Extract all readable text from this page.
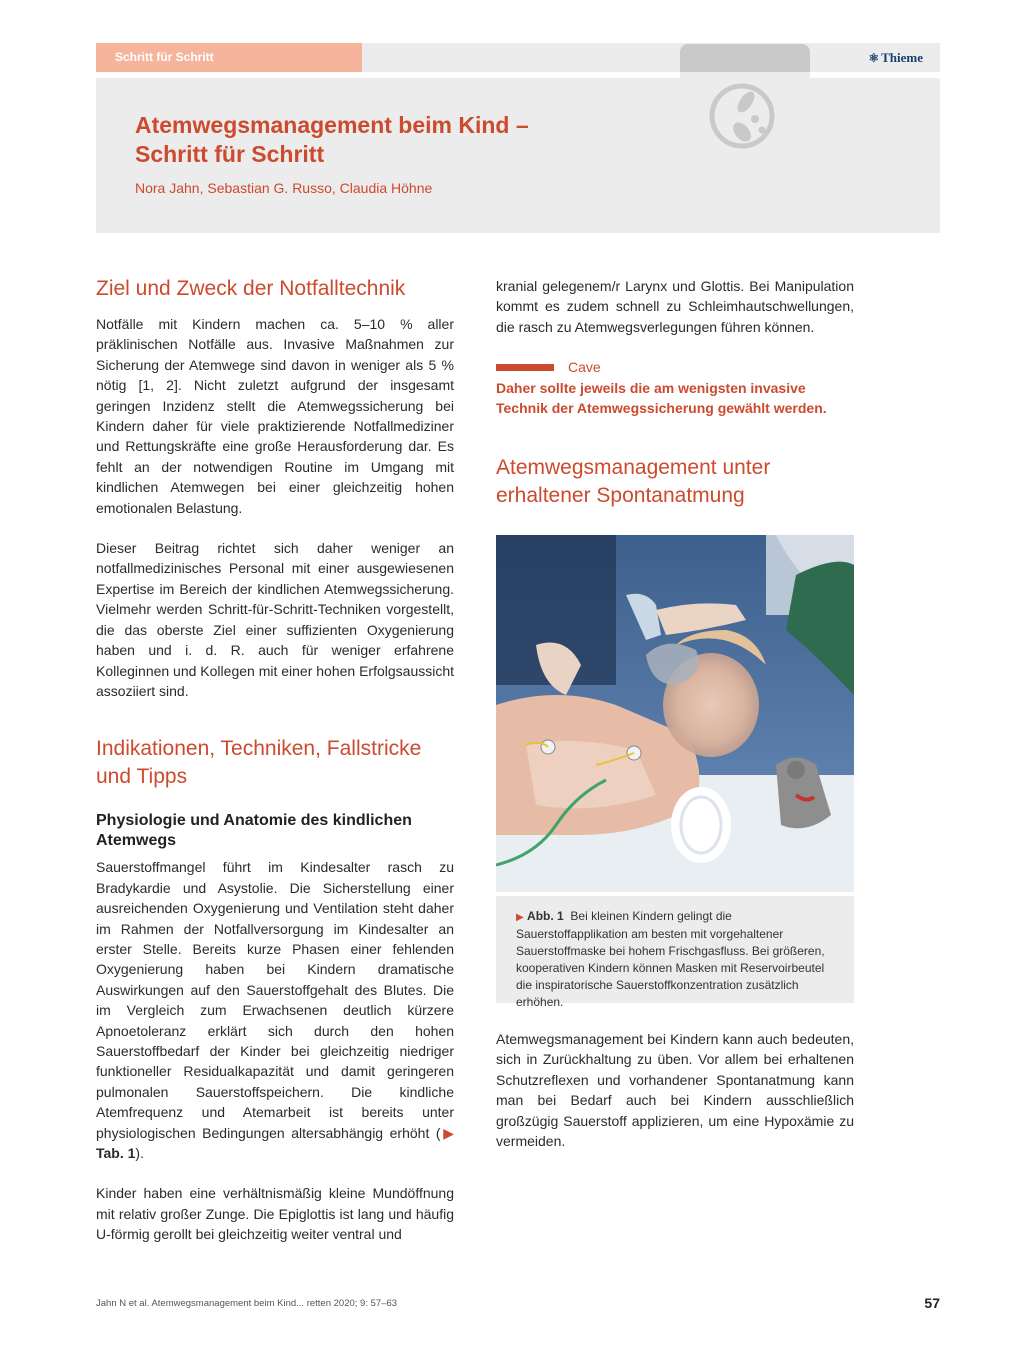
Schritt für Schritt	⚛ Thieme
Atemwegsmanagement beim Kind –
Schritt für Schritt
Nora Jahn, Sebastian G. Russo, Claudia Höhne
Ziel und Zweck der Notfalltechnik

Notfälle mit Kindern machen ca. 5–10 % aller präklinischen Notfälle aus. Invasive Maßnahmen zur Sicherung der Atemwege sind davon in weniger als 5 % nötig [1, 2]. Nicht zuletzt aufgrund der insgesamt geringen Inzidenz stellt die Atemwegssicherung bei Kindern daher für viele praktizierende Notfallmediziner und Rettungskräfte eine große Herausforderung dar. Es fehlt an der notwendigen Routine im Umgang mit kindlichen Atemwegen bei einer gleichzeitig hohen emotionalen Belastung.

Dieser Beitrag richtet sich daher weniger an notfallmedizinisches Personal mit einer ausgewiesenen Expertise im Bereich der kindlichen Atemwegssicherung. Vielmehr werden Schritt-für-Schritt-Techniken vorgestellt, die das oberste Ziel einer suffizienten Oxygenierung haben und i. d. R. auch für weniger erfahrene Kolleginnen und Kollegen mit einer hohen Erfolgsaussicht assoziiert sind.

Indikationen, Techniken, Fallstricke
und Tipps
Physiologie und Anatomie des kindlichen
Atemwegs

Sauerstoffmangel führt im Kindesalter rasch zu Bradykardie und Asystolie. Die Sicherstellung einer ausreichenden Oxygenierung und Ventilation steht daher im Rahmen der Notfallversorgung im Kindesalter an erster Stelle. Bereits kurze Phasen einer fehlenden Oxygenierung haben bei Kindern dramatische Auswirkungen auf den Sauerstoffgehalt des Blutes. Die im Vergleich zum Erwachsenen deutlich kürzere Apnoetoleranz erklärt sich durch den hohen Sauerstoffbedarf der Kinder bei gleichzeitig niedriger funktioneller Residualkapazität und damit geringeren pulmonalen Sauerstoffspeichern. Die kindliche Atemfrequenz und Atemarbeit ist bereits unter physiologischen Bedingungen altersabhängig erhöht (▶ Tab. 1).

Kinder haben eine verhältnismäßig kleine Mundöffnung mit relativ großer Zunge. Die Epiglottis ist lang und häufig U-förmig gerollt bei gleichzeitig weiter ventral und

kranial gelegenem/r Larynx und Glottis. Bei Manipulation kommt es zudem schnell zu Schleimhautschwellungen, die rasch zu Atemwegsverlegungen führen können.

Cave
Daher sollte jeweils die am wenigsten invasive Technik der Atemwegssicherung gewählt werden.
Atemwegsmanagement unter
erhaltener Spontanatmung
▶ Abb. 1 Bei kleinen Kindern gelingt die Sauerstoffapplikation am besten mit vorgehaltener Sauerstoffmaske bei hohem Frischgasfluss. Bei größeren, kooperativen Kindern können Masken mit Reservoirbeutel die inspiratorische Sauerstoffkonzentration zusätzlich erhöhen.

Atemwegsmanagement bei Kindern kann auch bedeuten, sich in Zurückhaltung zu üben. Vor allem bei erhaltenen Schutzreflexen und vorhandener Spontanatmung kann man bei Bedarf auch bei Kindern ausschließlich großzügig Sauerstoff applizieren, um eine Hypoxämie zu vermeiden.

Jahn N et al. Atemwegsmanagement beim Kind... retten 2020; 9: 57–63	57
